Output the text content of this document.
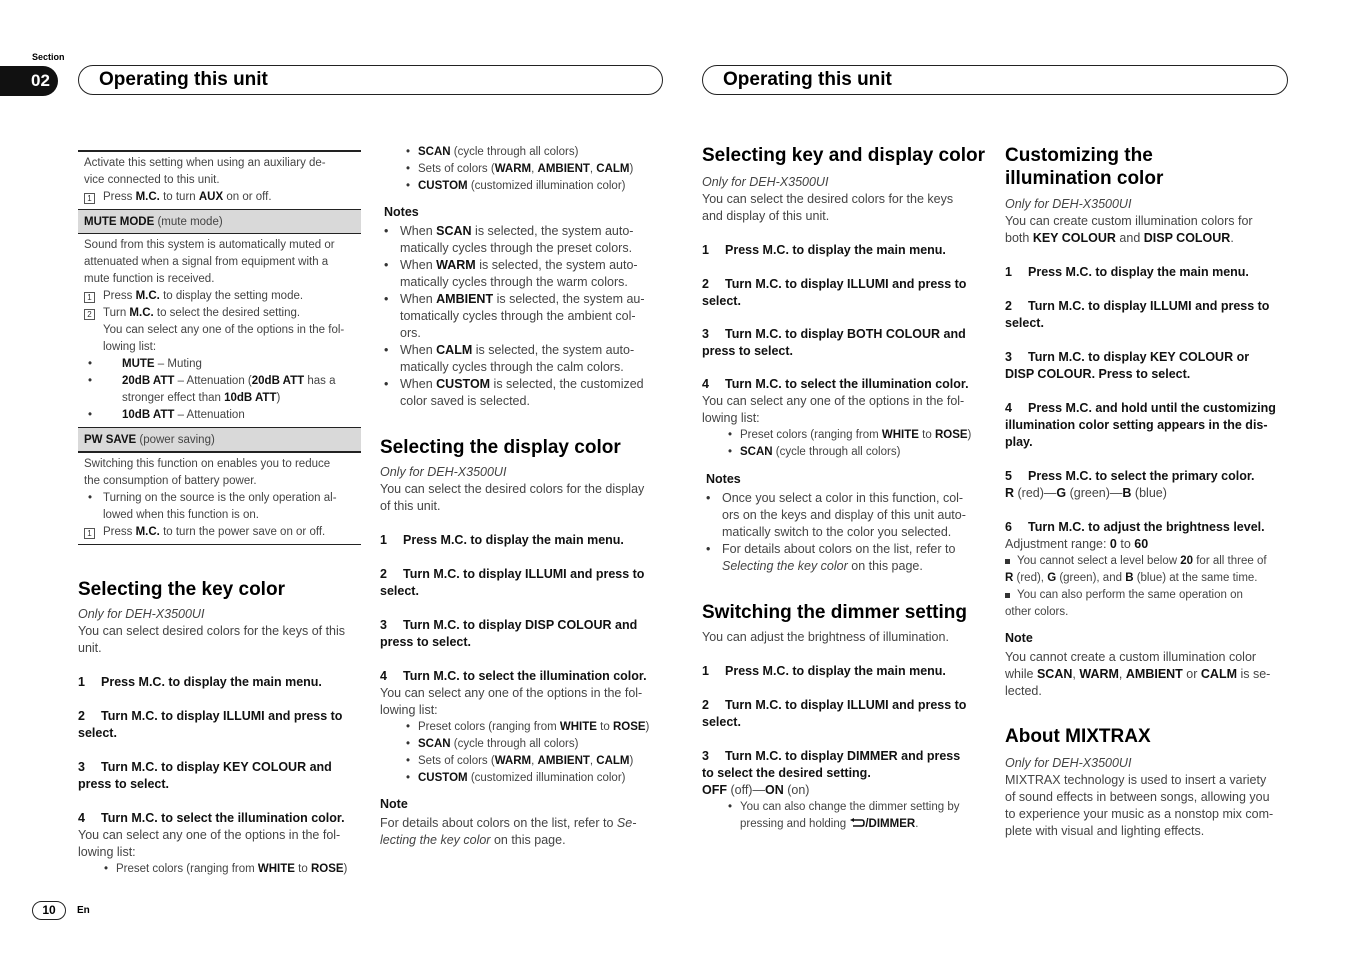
Section
02	Operating this unit	Operating this unit

Activate this setting when using an auxiliary de-

vice connected to this unit.

1 Press M.C. to turn AUX on or off.

MUTE MODE (mute mode)

Sound from this system is automatically muted or

attenuated when a signal from equipment with a

mute function is received.

1 Press M.C. to display the setting mode.

2 Turn M.C. to select the desired setting.

You can select any one of the options in the fol-

lowing list:

• MUTE – Muting

• 20dB ATT – Attenuation (20dB ATT has a

stronger effect than 10dB ATT)

• 10dB ATT – Attenuation

PW SAVE (power saving)

Switching this function on enables you to reduce

the consumption of battery power.

• Turning on the source is the only operation al-

lowed when this function is on.

1 Press M.C. to turn the power save on or off.

Selecting the key color

Only for DEH-X3500UI

You can select desired colors for the keys of this

unit.

1 Press M.C. to display the main menu.

2 Turn M.C. to display ILLUMI and press to

select.

3 Turn M.C. to display KEY COLOUR and

press to select.

4 Turn M.C. to select the illumination color.

You can select any one of the options in the fol-

lowing list:

• Preset colors (ranging from WHITE to ROSE)

• SCAN (cycle through all colors)

• Sets of colors (WARM, AMBIENT, CALM)

• CUSTOM (customized illumination color)

Notes

• When SCAN is selected, the system auto-

matically cycles through the preset colors.

• When WARM is selected, the system auto-

matically cycles through the warm colors.

• When AMBIENT is selected, the system au-

tomatically cycles through the ambient col-

ors.

• When CALM is selected, the system auto-

matically cycles through the calm colors.

• When CUSTOM is selected, the customized

color saved is selected.

Selecting the display color

Only for DEH-X3500UI

You can select the desired colors for the display

of this unit.

1 Press M.C. to display the main menu.

2 Turn M.C. to display ILLUMI and press to

select.

3 Turn M.C. to display DISP COLOUR and

press to select.

4 Turn M.C. to select the illumination color.

You can select any one of the options in the fol-

lowing list:

• Preset colors (ranging from WHITE to ROSE)

• SCAN (cycle through all colors)

• Sets of colors (WARM, AMBIENT, CALM)

• CUSTOM (customized illumination color)

Note

For details about colors on the list, refer to Se-

lecting the key color on this page.

Selecting key and display color

Only for DEH-X3500UI

You can select the desired colors for the keys

and display of this unit.

1 Press M.C. to display the main menu.

2 Turn M.C. to display ILLUMI and press to

select.

3 Turn M.C. to display BOTH COLOUR and

press to select.

4 Turn M.C. to select the illumination color.

You can select any one of the options in the fol-

lowing list:

• Preset colors (ranging from WHITE to ROSE)

• SCAN (cycle through all colors)

Notes

• Once you select a color in this function, col-

ors on the keys and display of this unit auto-

matically switch to the color you selected.

• For details about colors on the list, refer to

Selecting the key color on this page.

Switching the dimmer setting

You can adjust the brightness of illumination.

1 Press M.C. to display the main menu.

2 Turn M.C. to display ILLUMI and press to

select.

3 Turn M.C. to display DIMMER and press

to select the desired setting.

OFF (off)—ON (on)

• You can also change the dimmer setting by

pressing and holding /DIMMER.

Customizing the
illumination color

Only for DEH-X3500UI

You can create custom illumination colors for

both KEY COLOUR and DISP COLOUR.

1 Press M.C. to display the main menu.

2 Turn M.C. to display ILLUMI and press to

select.

3 Turn M.C. to display KEY COLOUR or

DISP COLOUR. Press to select.

4 Press M.C. and hold until the customizing

illumination color setting appears in the dis-

play.

5 Press M.C. to select the primary color.

R (red)—G (green)—B (blue)

6 Turn M.C. to adjust the brightness level.

Adjustment range: 0 to 60

You cannot select a level below 20 for all three of

R (red), G (green), and B (blue) at the same time.

You can also perform the same operation on

other colors.

Note

You cannot create a custom illumination color

while SCAN, WARM, AMBIENT or CALM is se-

lected.

About MIXTRAX

Only for DEH-X3500UI

MIXTRAX technology is used to insert a variety

of sound effects in between songs, allowing you

to experience your music as a nonstop mix com-

plete with visual and lighting effects.

10	En
